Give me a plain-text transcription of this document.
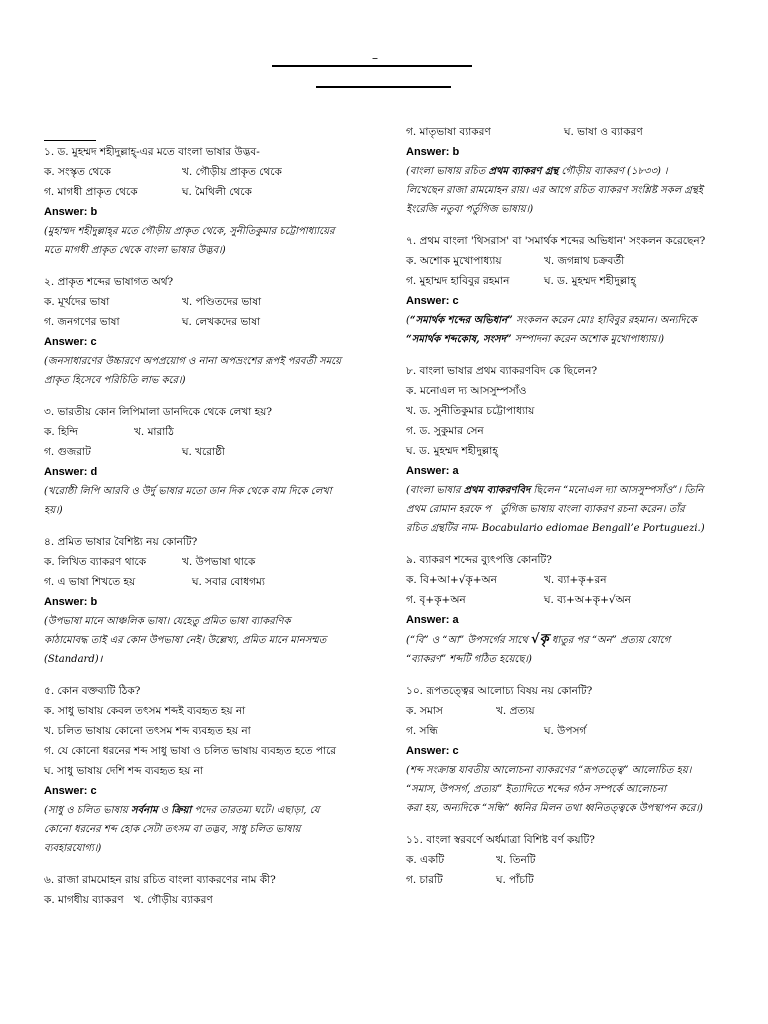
–
১. ড. মুহম্মদ শহীদুল্লাহ্-এর মতে বাংলা ভাষার উদ্ভব-
ক. সংস্কৃত থেকে	খ. গৌড়ীয় প্রাকৃত থেকে
গ. মাগধী প্রাকৃত থেকে	ঘ. মৈথিলী থেকে
Answer: b
(মুহাম্মদ শহীদুল্লাহ্‌র মতে গৌড়ীয় প্রাকৃত থেকে, সুনীতিকুমার চট্টোপাধ্যায়ের
মতে মাগধী প্রাকৃত থেকে বাংলা ভাষার উদ্ভব।)
২. প্রাকৃত শব্দের ভাষাগত অর্থ?
ক. মূর্খদের ভাষা	খ. পণ্ডিতদের ভাষা
গ. জনগণের ভাষা	ঘ. লেখকদের ভাষা
Answer: c
(জনসাধারণের উচ্চারণে অপপ্রয়োগ ও নানা অপভ্রংশের রূপই পরবর্তী সময়ে
প্রাকৃত হিসেবে পরিচিতি লাভ করে।)
৩. ভারতীয় কোন লিপিমালা ডানদিকে থেকে লেখা হয়?
ক. হিন্দি	খ. মারাঠি
গ. গুজরাট	ঘ. খরোষ্ঠী
Answer: d
(খরোষ্ঠী লিপি আরবি ও উর্দু ভাষার মতো ডান দিক থেকে বাম দিকে লেখা
হয়।)
৪. প্রমিত ভাষার বৈশিষ্ট্য নয় কোনটি?
ক. লিখিত ব্যাকরণ থাকে	খ. উপভাষা থাকে
গ. এ ভাষা শিখতে হয়	ঘ. সবার বোধগম্য
Answer: b
(উপভাষা মানে আঞ্চলিক ভাষা। যেহেতু প্রমিত ভাষা ব্যাকরণিক
কাঠামোবদ্ধ তাই এর কোন উপভাষা নেই। উল্লেখ্য, প্রমিত মানে মানসম্মত
(Standard)।
৫. কোন বক্তব্যটি ঠিক?
ক. সাধু ভাষায় কেবল তৎসম শব্দই ব্যবহৃত হয় না
খ. চলিত ভাষায় কোনো তৎসম শব্দ ব্যবহৃত হয় না
গ. যে কোনো ধরনের শব্দ সাধু ভাষা ও চলিত ভাষায় ব্যবহৃত হতে পারে
ঘ. সাধু ভাষায় দেশি শব্দ ব্যবহৃত হয় না
Answer: c
(সাধু ও চলিত ভাষায় সর্বনাম ও ক্রিয়া পদের তারতম্য ঘটে। এছাড়া, যে
কোনো ধরনের শব্দ হোক সেটা তৎসম বা তদ্ভব, সাধু চলিত ভাষায়
ব্যবহারযোগ্য।)
৬. রাজা রামমোহন রায় রচিত বাংলা ব্যাকরণের নাম কী?
ক. মাগধীয় ব্যাকরণ   খ. গৌড়ীয় ব্যাকরণ
গ. মাতৃভাষা ব্যাকরণ	ঘ. ভাষা ও ব্যাকরণ
Answer: b
(বাংলা ভাষায় রচিত প্রথম ব্যাকরণ গ্রন্থ গৌড়ীয় ব্যাকরণ (১৮৩৩) ।
লিখেছেন রাজা রামমোহন রায়। এর আগে রচিত ব্যাকরণ সংশ্লিষ্ট সকল গ্রন্থই
ইংরেজি নতুবা পর্তুগিজ ভাষায়।)
৭. প্রথম বাংলা 'থিসরাস' বা 'সমার্থক শব্দের অভিধান' সংকলন করেছেন?
ক. অশোক মুখোপাধ্যায়	খ. জগন্নাথ চক্রবর্তী
গ. মুহাম্মদ হাবিবুর রহমান	ঘ. ড. মুহম্মদ শহীদুল্লাহ্
Answer: c
(“সমার্থক শব্দের অভিধান” সংকলন করেন মোঃ হাবিবুর রহমান। অন্যদিকে
“সমার্থক শব্দকোষ, সংসদ” সম্পাদনা করেন অশোক মুখোপাধ্যায়।)
৮. বাংলা ভাষার প্রথম ব্যাকরণবিদ কে ছিলেন?
ক. মনোএল দ্য আসসুম্পসাঁও
খ. ড. সুনীতিকুমার চট্টোপাধ্যায়
গ. ড. সুকুমার সেন
ঘ. ড. মুহম্মদ শহীদুল্লাহ্
Answer: a
(বাংলা ভাষার প্রথম ব্যাকরণবিদ ছিলেন “মনোএল দ্যা আসসুম্পসাঁও”। তিনি
প্রথম রোমান হরফে প   র্তুগিজ ভাষায় বাংলা ব্যাকরণ রচনা করেন। তাঁর
রচিত গ্রন্থটির নাম- Bocabulario ediomae Bengall’e Portuguezi.)
৯. ব্যাকরণ শব্দের ব্যুৎপত্তি কোনটি?
ক. বি+আ+√কৃ+অন	খ. ব্যা+কৃ+রন
গ. বৃ+কৃ+অন	ঘ. ব্য+অ+কৃ+√অন
Answer: a
(“বি” ও “আ” উপসর্গের সাথে √কৃ ধাতুর পর “অন” প্রত্যয় যোগে
“ব্যাকরণ” শব্দটি গঠিত হয়েছে।)
১০. রূপতত্ত্বের আলোচ্য বিষয় নয় কোনটি?
ক. সমাস	খ. প্রত্যয়
গ. সন্ধি	ঘ. উপসর্গ
Answer: c
(শব্দ সংক্রান্ত যাবতীয় আলোচনা ব্যাকরণের “রূপতত্ত্বে” আলোচিত হয়।
“সমাস, উপসর্গ, প্রত্যয়” ইত্যাদিতে শব্দের গঠন সম্পর্কে আলোচনা
করা হয়, অন্যদিকে “সন্ধি” ধ্বনির মিলন তথা ধ্বনিতত্ত্বকে উপস্থাপন করে।)
১১. বাংলা স্বরবর্ণে অর্ধমাত্রা বিশিষ্ট বর্ণ কয়টি?
ক. একটি	খ. তিনটি
গ. চারটি	ঘ. পাঁচটি
